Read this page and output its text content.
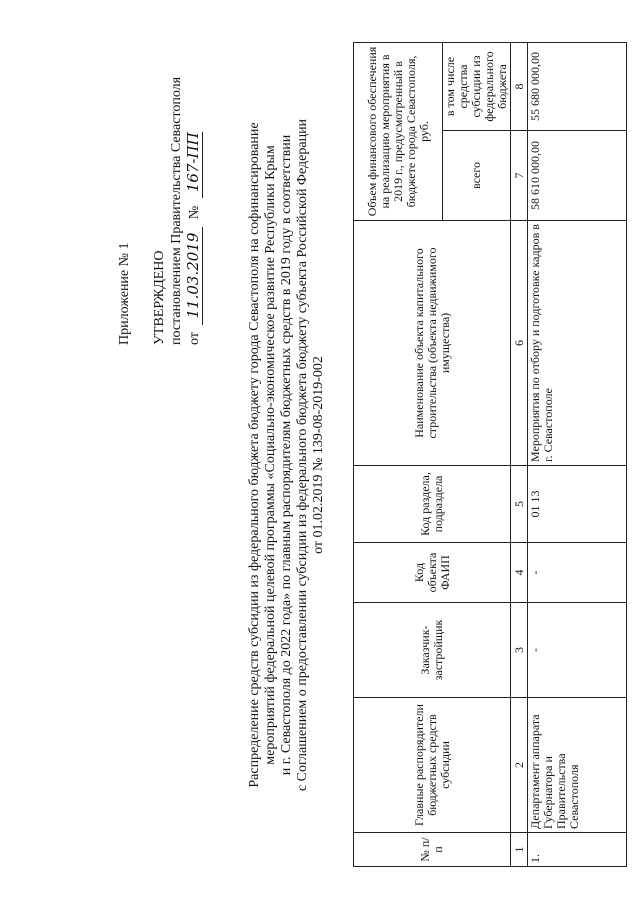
Приложение № 1 УТВЕРЖДЕНО постановлением Правительства Севастополя от 11.03.2019 № 167-ПП	Распределение средств субсидии из федерального бюджета бюджету города Севастополя на софинансирование мероприятий федеральной целевой программы «Социально-экономическое развитие Республики Крым и г. Севастополя до 2022 года» по главным распорядителям бюджетных средств в 2019 году в соответствии с Соглашением о предоставлении субсидии из федерального бюджета бюджету субъекта Российской Федерации от 01.02.2019 № 139-08-2019-002
№ п/п	Главные распорядители бюджетных средств субсидии	Заказчик-застройщик	Код объекта ФАИП	Код раздела, подраздела	Наименование объекта капитального строительства (объекта недвижимого имущества)	Объем финансового обеспечения на реализацию мероприятия в 2019 г., предусмотренный в бюджете города Севастополя, руб.	
						всего	в том числе средства субсидии из федерального бюджета
1	2	3	4	5	6	7	8
1.	Департамент аппарата Губернатора и Правительства Севастополя	-	-	01 13	Мероприятия по отбору и подготовке кадров в г. Севастополе	58 610 000,00	55 680 000,00
